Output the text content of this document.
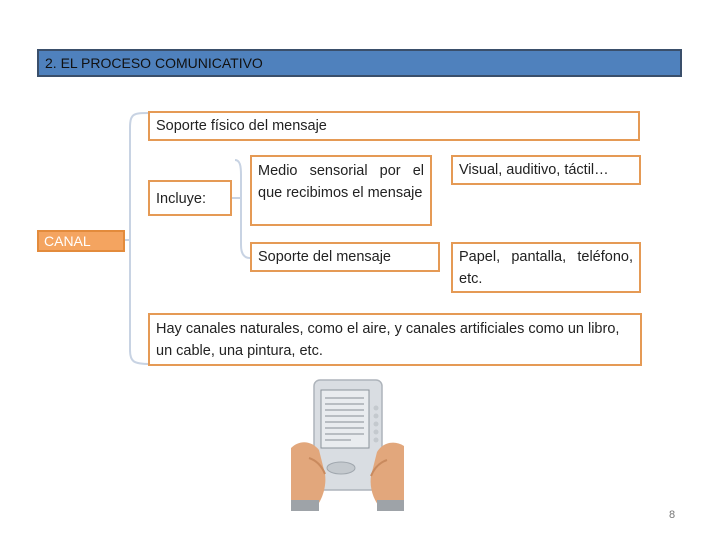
2. EL PROCESO COMUNICATIVO
CANAL
Soporte físico del mensaje
Incluye:
Medio sensorial por el que recibimos el mensaje
Visual, auditivo, táctil…
Soporte del mensaje	Papel, pantalla, teléfono, etc.
Hay canales naturales, como el aire, y canales artificiales como un libro, un cable, una pintura, etc.
8
